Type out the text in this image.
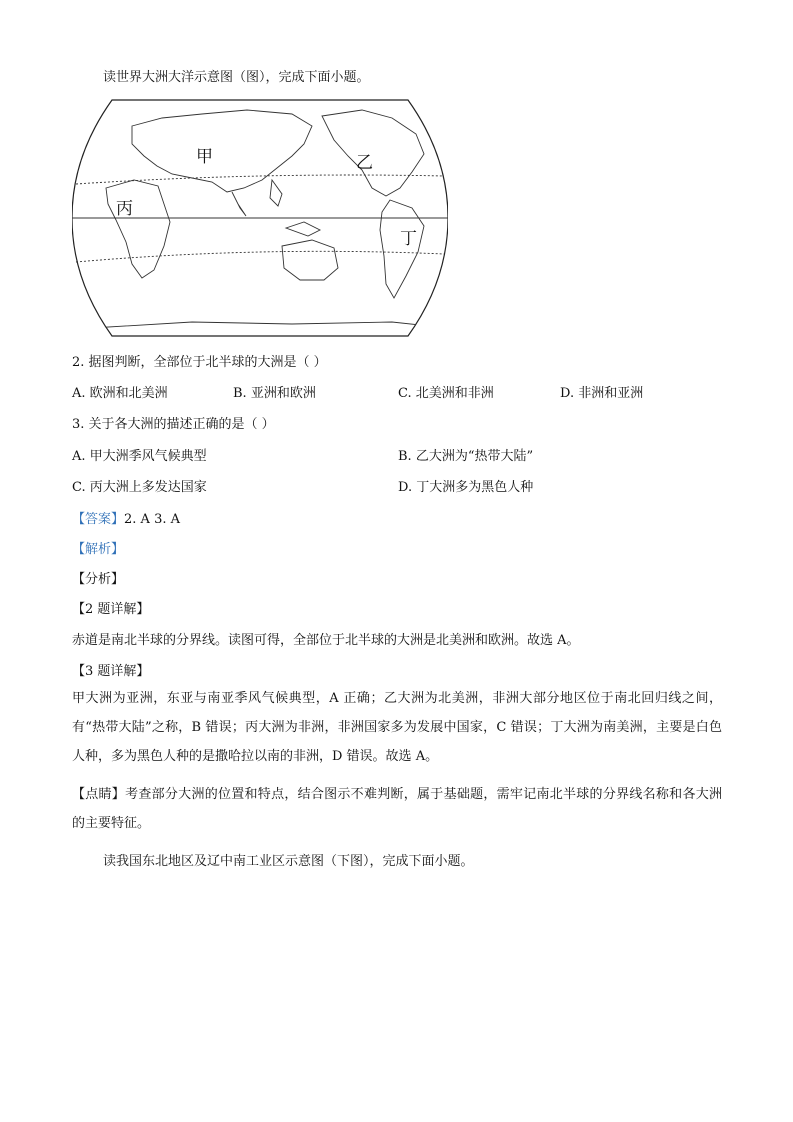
读世界大洲大洋示意图（图），完成下面小题。
甲	乙
丙
丁
2. 据图判断，全部位于北半球的大洲是（ ）
A. 欧洲和北美洲	B. 亚洲和欧洲	C. 北美洲和非洲	D. 非洲和亚洲
3. 关于各大洲的描述正确的是（ ）
A. 甲大洲季风气候典型	B. 乙大洲为“热带大陆”
C. 丙大洲上多发达国家	D. 丁大洲多为黑色人种
【答案】2. A 3. A
【解析】
【分析】
【2 题详解】
赤道是南北半球的分界线。读图可得，全部位于北半球的大洲是北美洲和欧洲。故选 A。
【3 题详解】
甲大洲为亚洲，东亚与南亚季风气候典型，A 正确；乙大洲为北美洲，非洲大部分地区位于南北回归线之间，有“热带大陆”之称，B 错误；丙大洲为非洲，非洲国家多为发展中国家，C 错误；丁大洲为南美洲，主要是白色人种，多为黑色人种的是撒哈拉以南的非洲，D 错误。故选 A。
【点睛】考查部分大洲的位置和特点，结合图示不难判断，属于基础题，需牢记南北半球的分界线名称和各大洲的主要特征。
读我国东北地区及辽中南工业区示意图（下图），完成下面小题。
